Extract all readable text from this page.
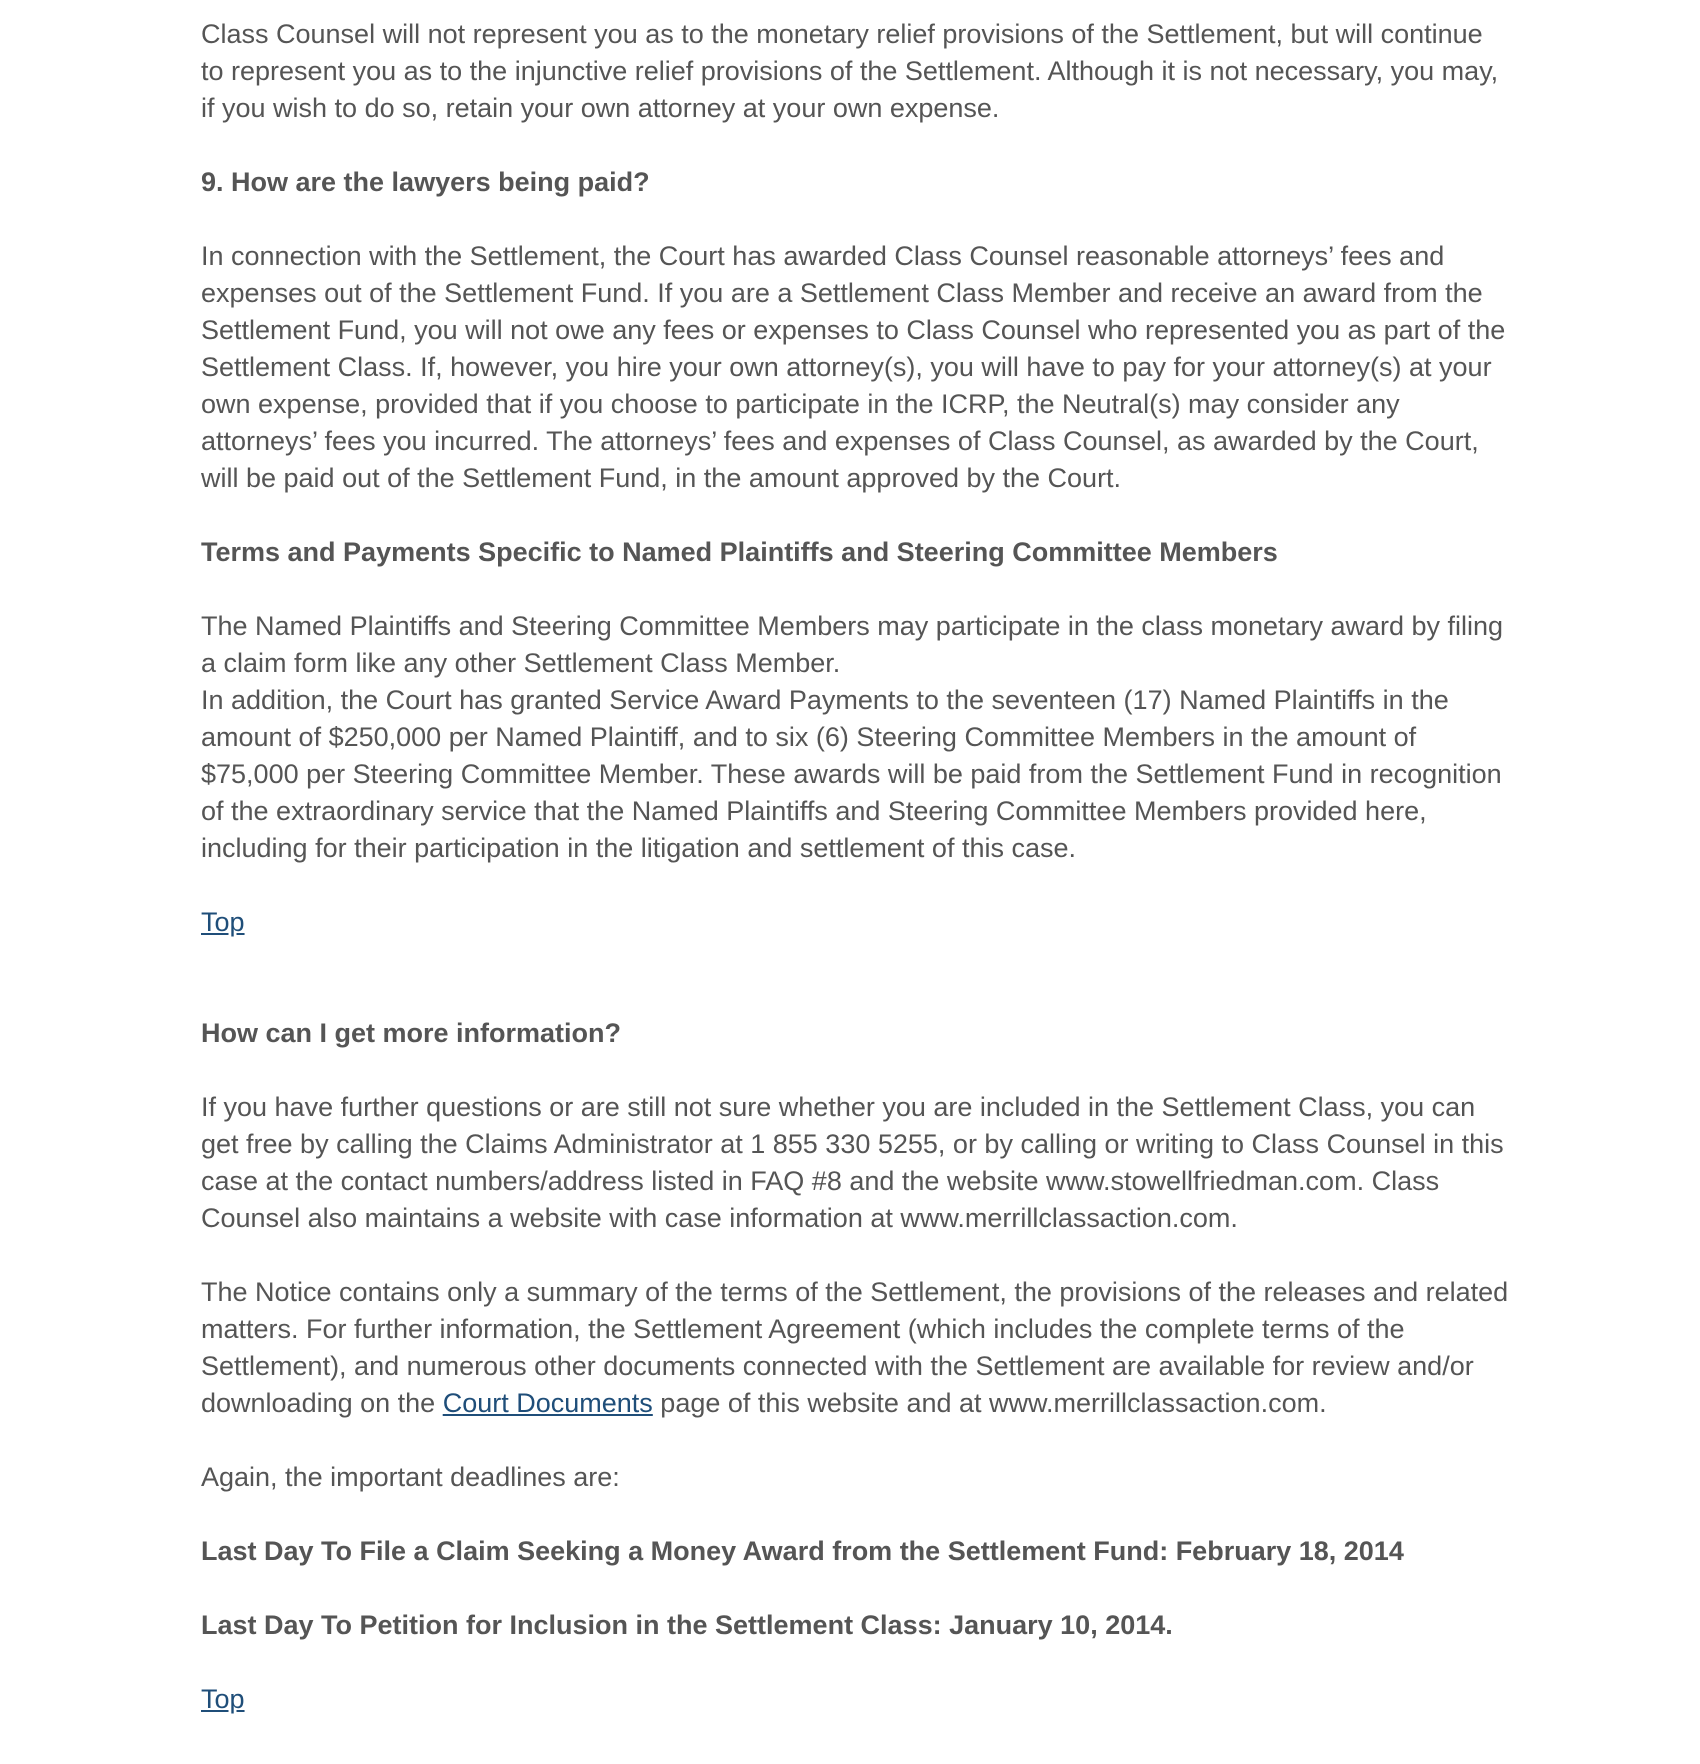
Class Counsel will not represent you as to the monetary relief provisions of the Settlement, but will continue to represent you as to the injunctive relief provisions of the Settlement. Although it is not necessary, you may, if you wish to do so, retain your own attorney at your own expense.

9. How are the lawyers being paid?

In connection with the Settlement, the Court has awarded Class Counsel reasonable attorneys’ fees and expenses out of the Settlement Fund. If you are a Settlement Class Member and receive an award from the Settlement Fund, you will not owe any fees or expenses to Class Counsel who represented you as part of the Settlement Class. If, however, you hire your own attorney(s), you will have to pay for your attorney(s) at your own expense, provided that if you choose to participate in the ICRP, the Neutral(s) may consider any attorneys’ fees you incurred. The attorneys’ fees and expenses of Class Counsel, as awarded by the Court, will be paid out of the Settlement Fund, in the amount approved by the Court.

Terms and Payments Specific to Named Plaintiffs and Steering Committee Members

The Named Plaintiffs and Steering Committee Members may participate in the class monetary award by filing a claim form like any other Settlement Class Member.

In addition, the Court has granted Service Award Payments to the seventeen (17) Named Plaintiffs in the amount of $250,000 per Named Plaintiff, and to six (6) Steering Committee Members in the amount of $75,000 per Steering Committee Member. These awards will be paid from the Settlement Fund in recognition of the extraordinary service that the Named Plaintiffs and Steering Committee Members provided here, including for their participation in the litigation and settlement of this case.

Top

How can I get more information?

If you have further questions or are still not sure whether you are included in the Settlement Class, you can get free by calling the Claims Administrator at 1 855 330 5255, or by calling or writing to Class Counsel in this case at the contact numbers/address listed in FAQ #8 and the website www.stowellfriedman.com. Class Counsel also maintains a website with case information at www.merrillclassaction.com.

The Notice contains only a summary of the terms of the Settlement, the provisions of the releases and related matters. For further information, the Settlement Agreement (which includes the complete terms of the Settlement), and numerous other documents connected with the Settlement are available for review and/or downloading on the Court Documents page of this website and at www.merrillclassaction.com.

Again, the important deadlines are:

Last Day To File a Claim Seeking a Money Award from the Settlement Fund: February 18, 2014

Last Day To Petition for Inclusion in the Settlement Class: January 10, 2014.

Top
